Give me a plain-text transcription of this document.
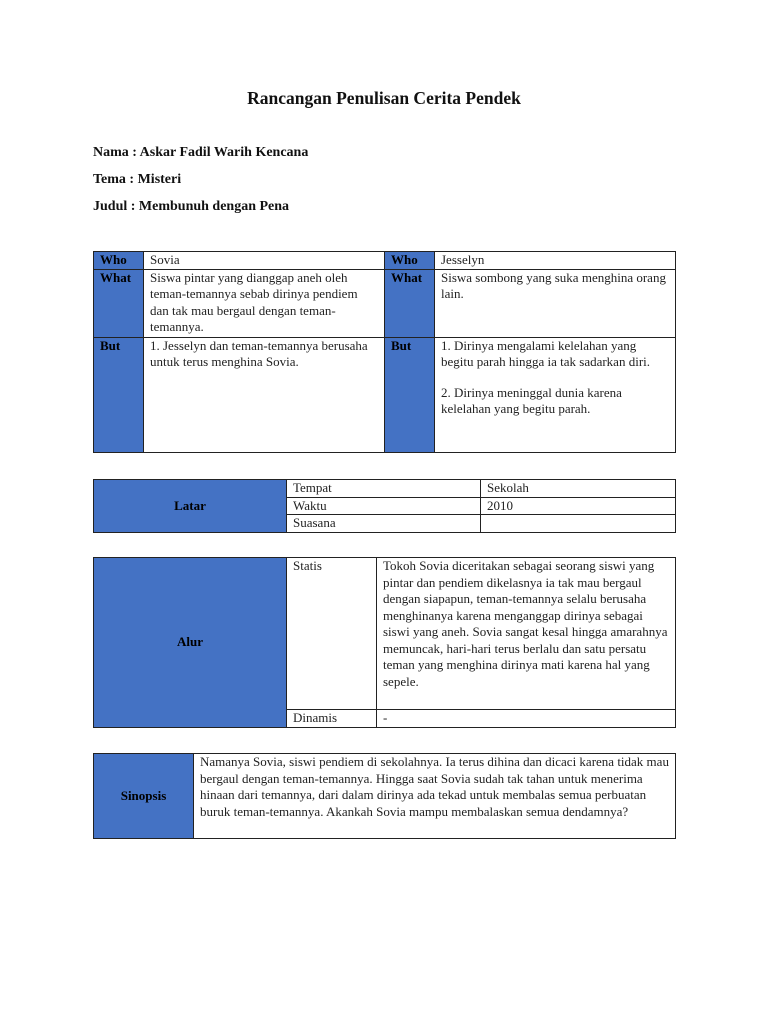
Rancangan Penulisan Cerita Pendek
Nama : Askar Fadil Warih Kencana
Tema : Misteri
Judul : Membunuh dengan Pena
Who	Sovia	Who	Jesselyn
What	Siswa pintar yang dianggap aneh oleh teman-temannya sebab dirinya pendiem dan tak mau bergaul dengan teman-temannya.	What	Siswa sombong yang suka menghina orang lain.
But	1. Jesselyn dan teman-temannya berusaha untuk terus menghina Sovia.	But	1. Dirinya mengalami kelelahan yang begitu parah hingga ia tak sadarkan diri.
2. Dirinya meninggal dunia karena kelelahan yang begitu parah.
Latar	Tempat	Sekolah
	Waktu	2010
	Suasana	
Alur	Statis	Tokoh Sovia diceritakan sebagai seorang siswi yang pintar dan pendiem dikelasnya ia tak mau bergaul dengan siapapun, teman-temannya selalu berusaha menghinanya karena menganggap dirinya sebagai siswi yang aneh. Sovia sangat kesal hingga amarahnya memuncak, hari-hari terus berlalu dan satu persatu teman yang menghina dirinya mati karena hal yang sepele.
	Dinamis	-
Sinopsis	Namanya Sovia, siswi pendiem di sekolahnya. Ia terus dihina dan dicaci karena tidak mau bergaul dengan teman-temannya. Hingga saat Sovia sudah tak tahan untuk menerima hinaan dari temannya, dari dalam dirinya ada tekad untuk membalas semua perbuatan buruk teman-temannya. Akankah Sovia mampu membalaskan semua dendamnya?
